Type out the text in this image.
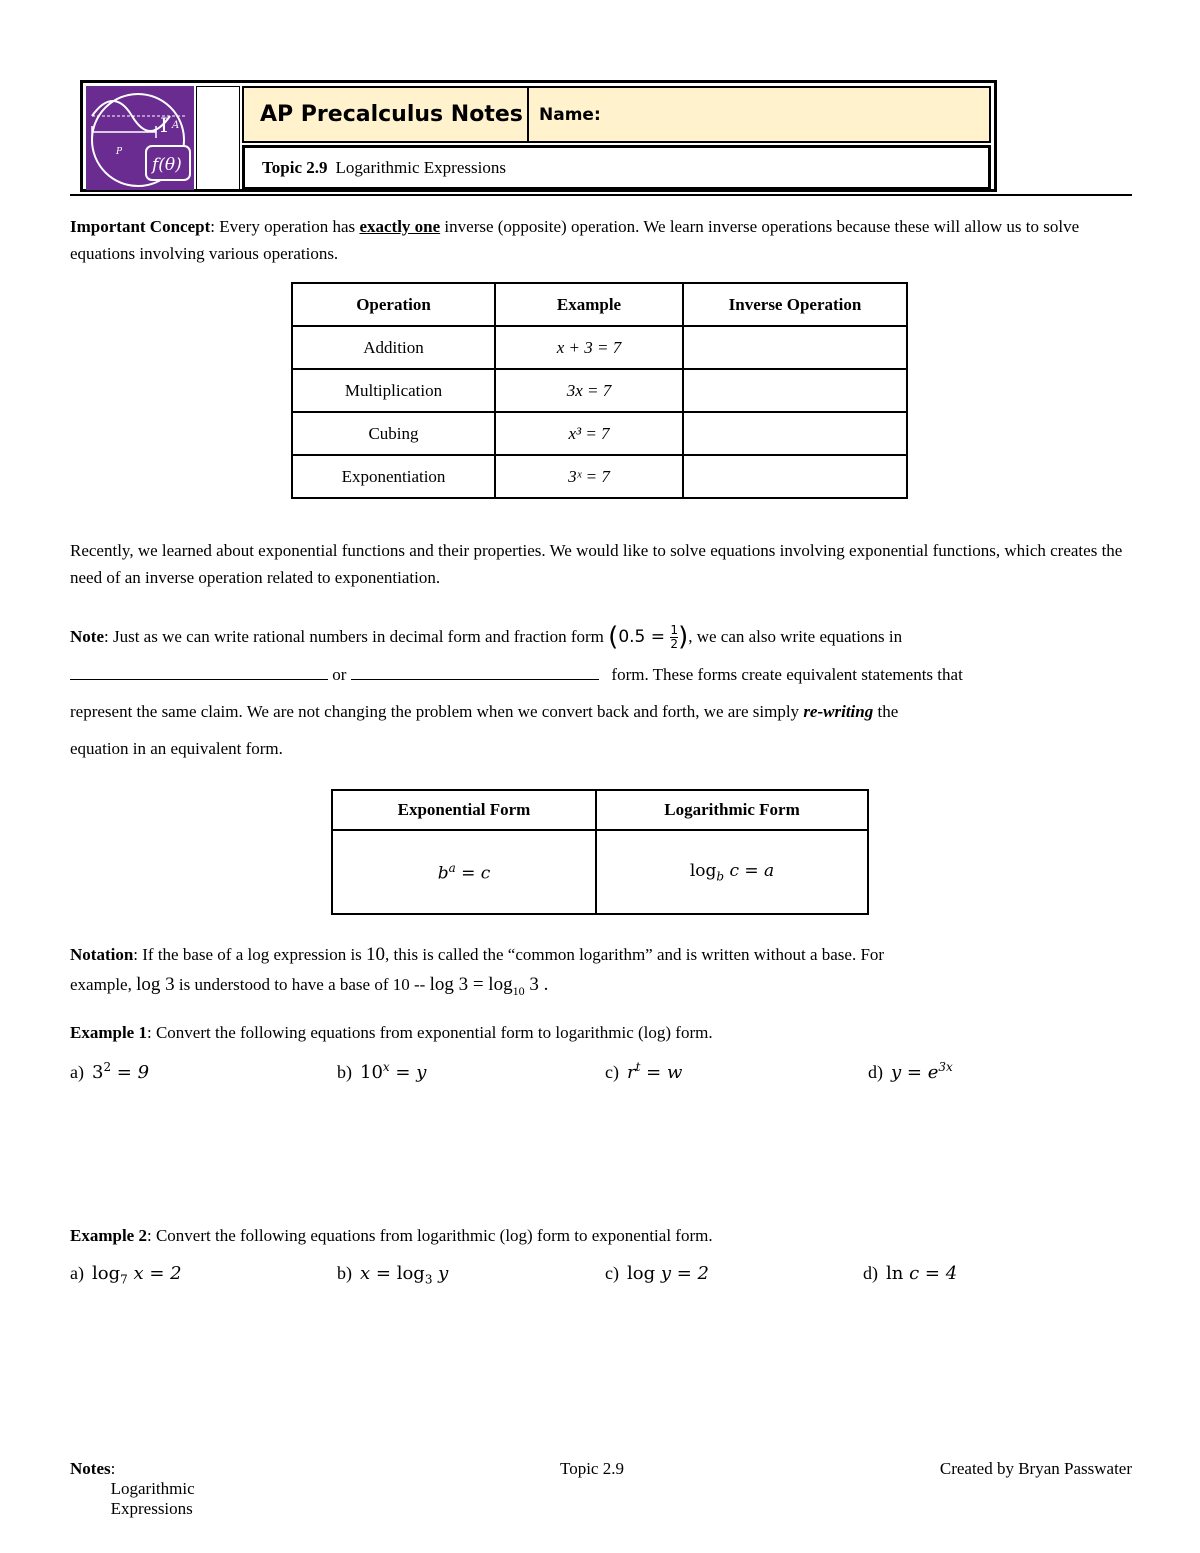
I A
P
f(θ)
AP Precalculus Notes Name:
Topic 2.9 Logarithmic Expressions
Important Concept: Every operation has exactly one inverse (opposite) operation. We learn inverse operations because these will allow us to solve equations involving various operations.
Operation	Example	Inverse Operation
Addition	x + 3 = 7	
Multiplication	3x = 7	
Cubing	x³ = 7	
Exponentiation	3ˣ = 7	
Recently, we learned about exponential functions and their properties. We would like to solve equations involving exponential functions, which creates the need of an inverse operation related to exponentiation.
Note: Just as we can write rational numbers in decimal form and fraction form ($0.5 = \frac{1}{2}$ ), we can also write equations in
or	form. These forms create equivalent statements that
represent the same claim. We are not changing the problem when we convert back and forth, we are simply re-writing the
equation in an equivalent form.
Exponential Form	Logarithmic Form
$b^a = c$	$\log_b c = a$
Notation: If the base of a log expression is 10, this is called the “common logarithm” and is written without a base. For
example, log 3 is understood to have a base of $10 -- \log 3 = \log_{10} 3$ .
Example 1: Convert the following equations from exponential form to logarithmic (log) form.
a) $3^2 = 9$	b) $10^x = y$	c) $r^t = w$	d) $y = e^{3x}$
Example 2: Convert the following equations from logarithmic (log) form to exponential form.
a) $\log_7 x = 2$	b) $x = \log_3 y$	c) log y = 2	d) ln c = 4
Notes : Logarithmic Expressions
Topic 2.9	Created by Bryan Passwater
